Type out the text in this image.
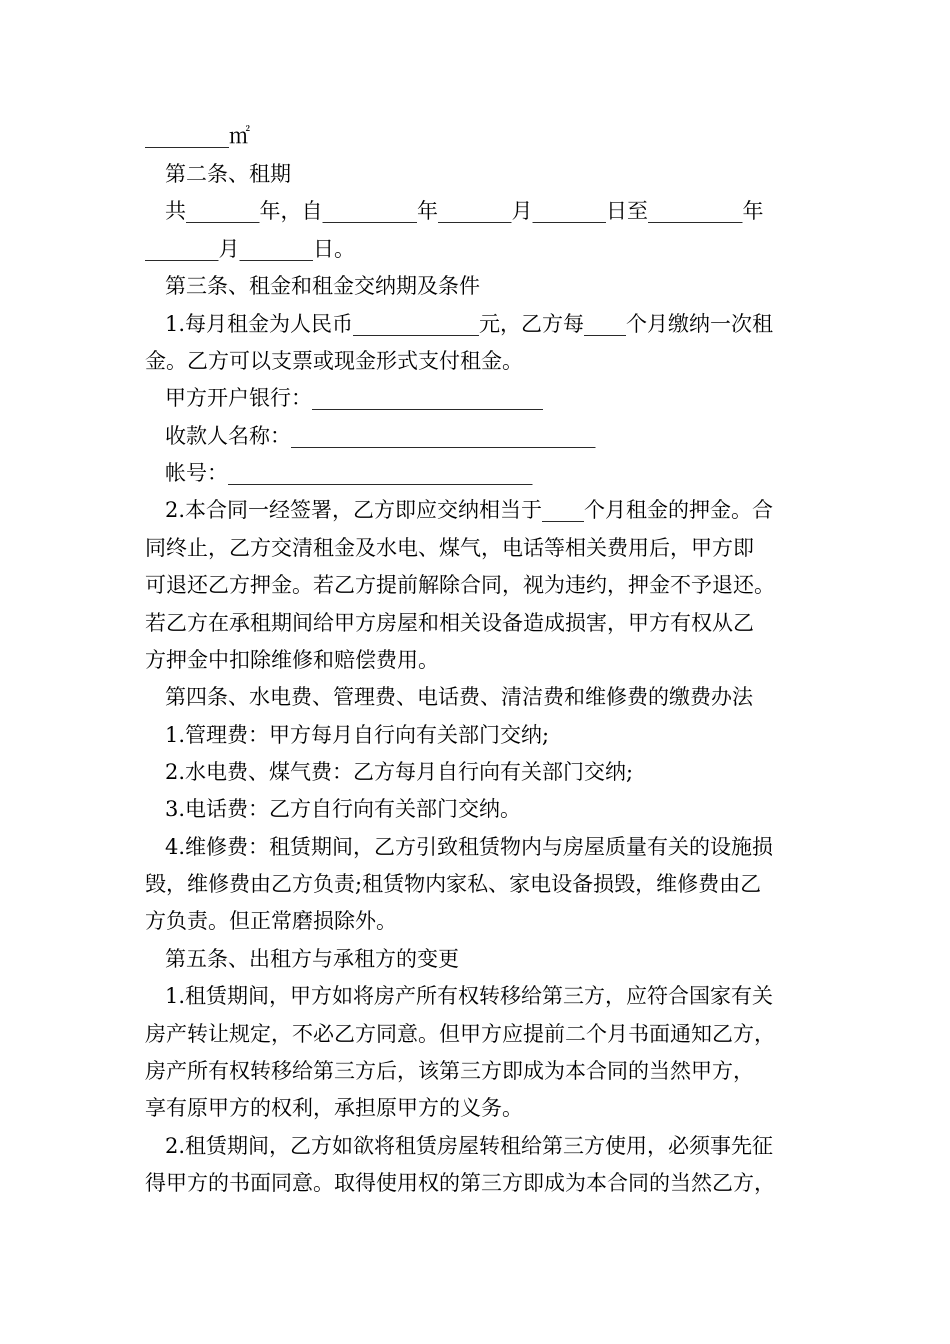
________㎡
第二条、租期
共_______年，自_________年_______月_______日至_________年
_______月_______日。
第三条、租金和租金交纳期及条件
1.每月租金为人民币____________元，乙方每____个月缴纳一次租
金。乙方可以支票或现金形式支付租金。
甲方开户银行：______________________
收款人名称：_____________________________
帐号：_____________________________
2.本合同一经签署，乙方即应交纳相当于____个月租金的押金。合
同终止，乙方交清租金及水电、煤气，电话等相关费用后，甲方即
可退还乙方押金。若乙方提前解除合同，视为违约，押金不予退还。
若乙方在承租期间给甲方房屋和相关设备造成损害，甲方有权从乙
方押金中扣除维修和赔偿费用。
第四条、水电费、管理费、电话费、清洁费和维修费的缴费办法
1.管理费：甲方每月自行向有关部门交纳;
2.水电费、煤气费：乙方每月自行向有关部门交纳;
3.电话费：乙方自行向有关部门交纳。
4.维修费：租赁期间，乙方引致租赁物内与房屋质量有关的设施损
毁，维修费由乙方负责;租赁物内家私、家电设备损毁，维修费由乙
方负责。但正常磨损除外。
第五条、出租方与承租方的变更
1.租赁期间，甲方如将房产所有权转移给第三方，应符合国家有关
房产转让规定，不必乙方同意。但甲方应提前二个月书面通知乙方，
房产所有权转移给第三方后，该第三方即成为本合同的当然甲方，
享有原甲方的权利，承担原甲方的义务。
2.租赁期间，乙方如欲将租赁房屋转租给第三方使用，必须事先征
得甲方的书面同意。取得使用权的第三方即成为本合同的当然乙方，
